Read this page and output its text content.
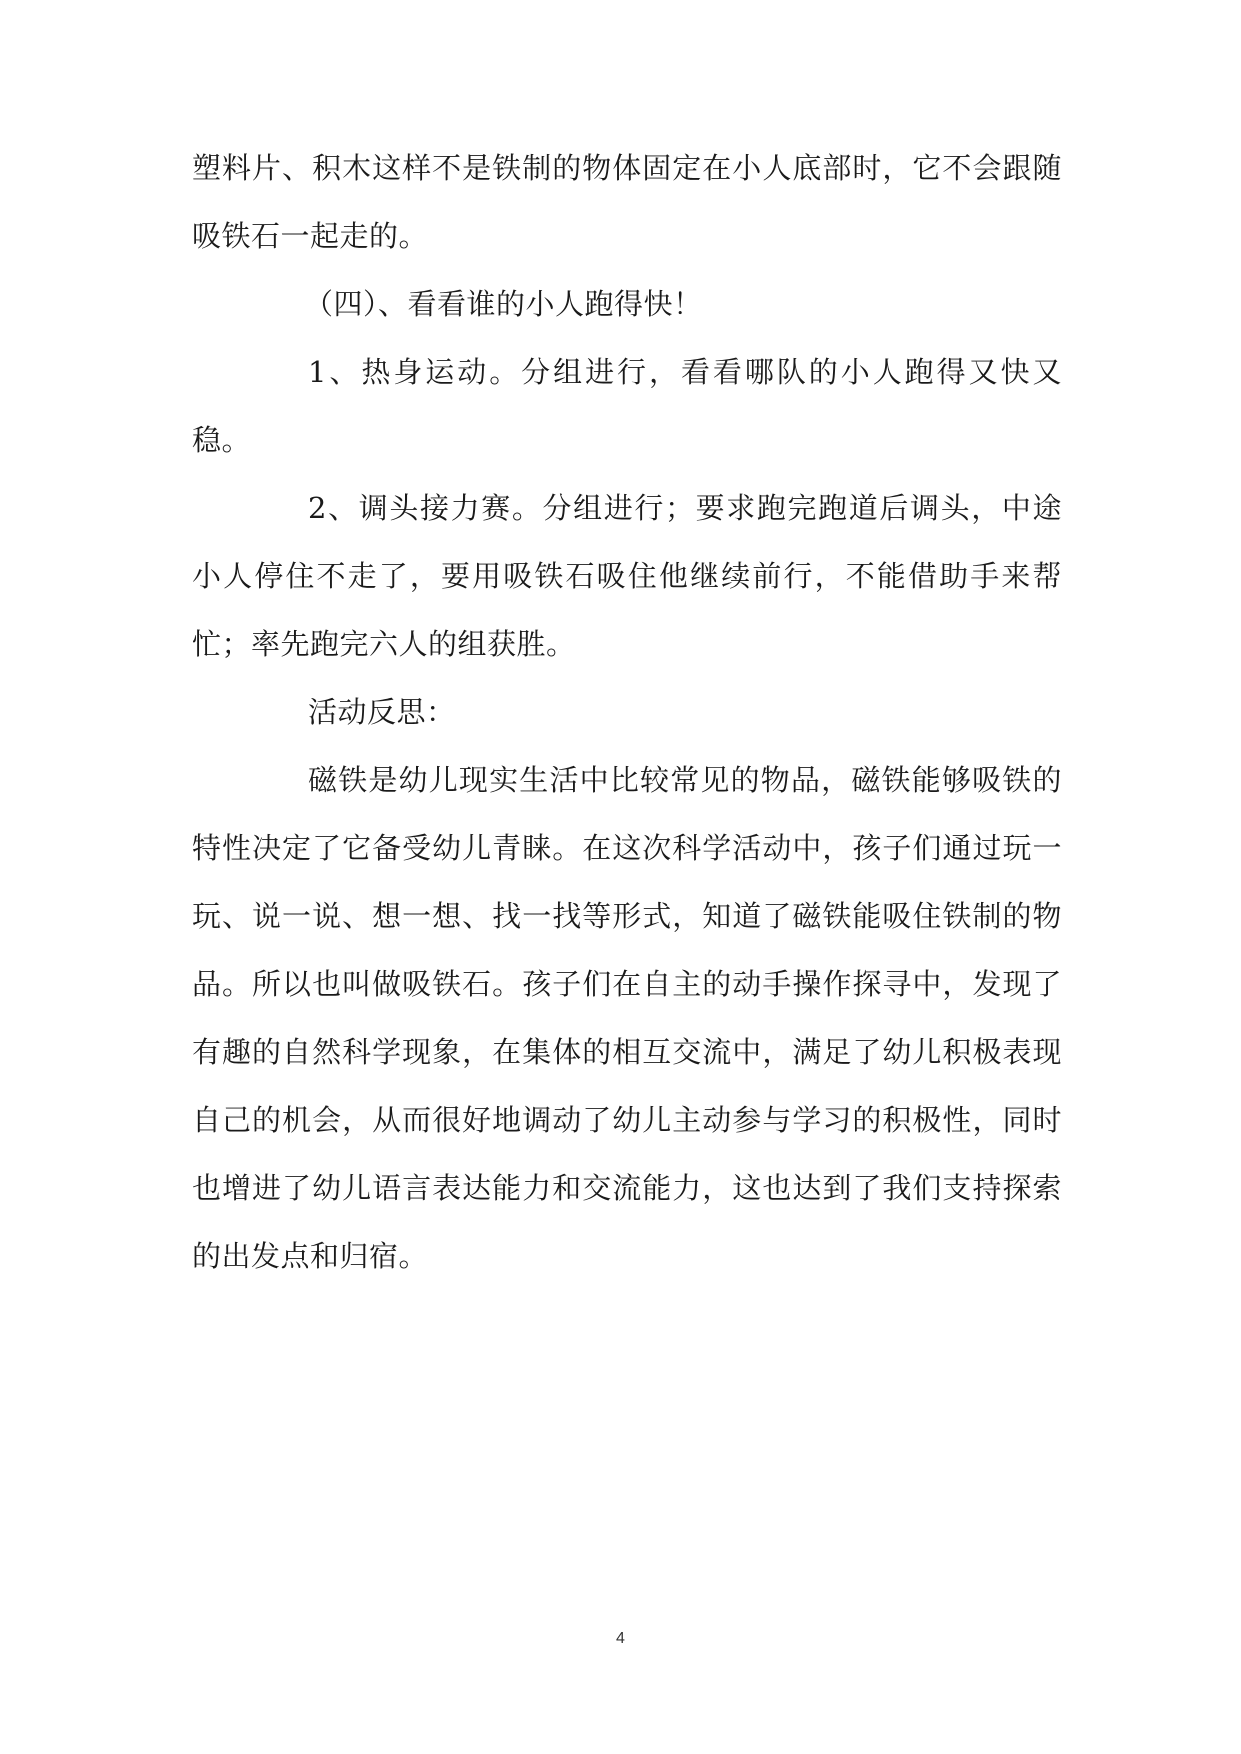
塑料片、积木这样不是铁制的物体固定在小人底部时，它不会跟随吸铁石一起走的。

（四）、看看谁的小人跑得快！

1、热身运动。分组进行，看看哪队的小人跑得又快又稳。

2、调头接力赛。分组进行；要求跑完跑道后调头，中途小人停住不走了，要用吸铁石吸住他继续前行，不能借助手来帮忙；率先跑完六人的组获胜。

活动反思：

磁铁是幼儿现实生活中比较常见的物品，磁铁能够吸铁的特性决定了它备受幼儿青睐。在这次科学活动中，孩子们通过玩一玩、说一说、想一想、找一找等形式，知道了磁铁能吸住铁制的物品。所以也叫做吸铁石。孩子们在自主的动手操作探寻中，发现了有趣的自然科学现象，在集体的相互交流中，满足了幼儿积极表现自己的机会，从而很好地调动了幼儿主动参与学习的积极性，同时也增进了幼儿语言表达能力和交流能力，这也达到了我们支持探索的出发点和归宿。

4
